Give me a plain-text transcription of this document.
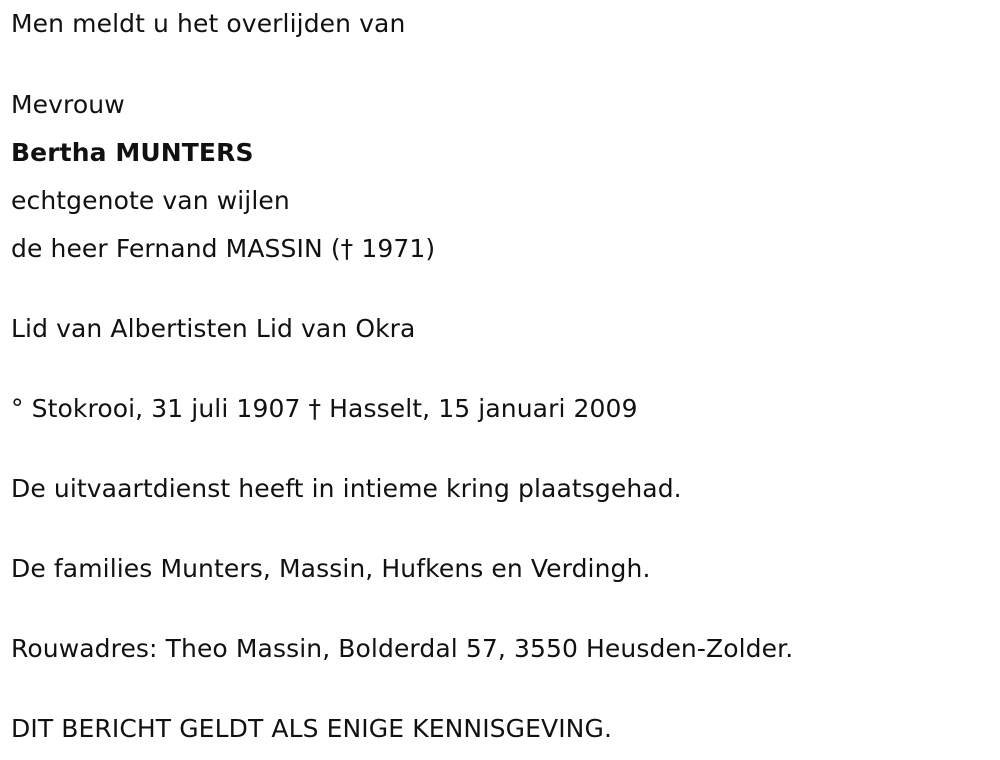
Men meldt u het overlijden van
Mevrouw
Bertha MUNTERS
echtgenote van wijlen
de heer Fernand MASSIN († 1971)
Lid van Albertisten Lid van Okra
° Stokrooi, 31 juli 1907 † Hasselt, 15 januari 2009
De uitvaartdienst heeft in intieme kring plaatsgehad.
De families Munters, Massin, Hufkens en Verdingh.
Rouwadres: Theo Massin, Bolderdal 57, 3550 Heusden-Zolder.
DIT BERICHT GELDT ALS ENIGE KENNISGEVING.
